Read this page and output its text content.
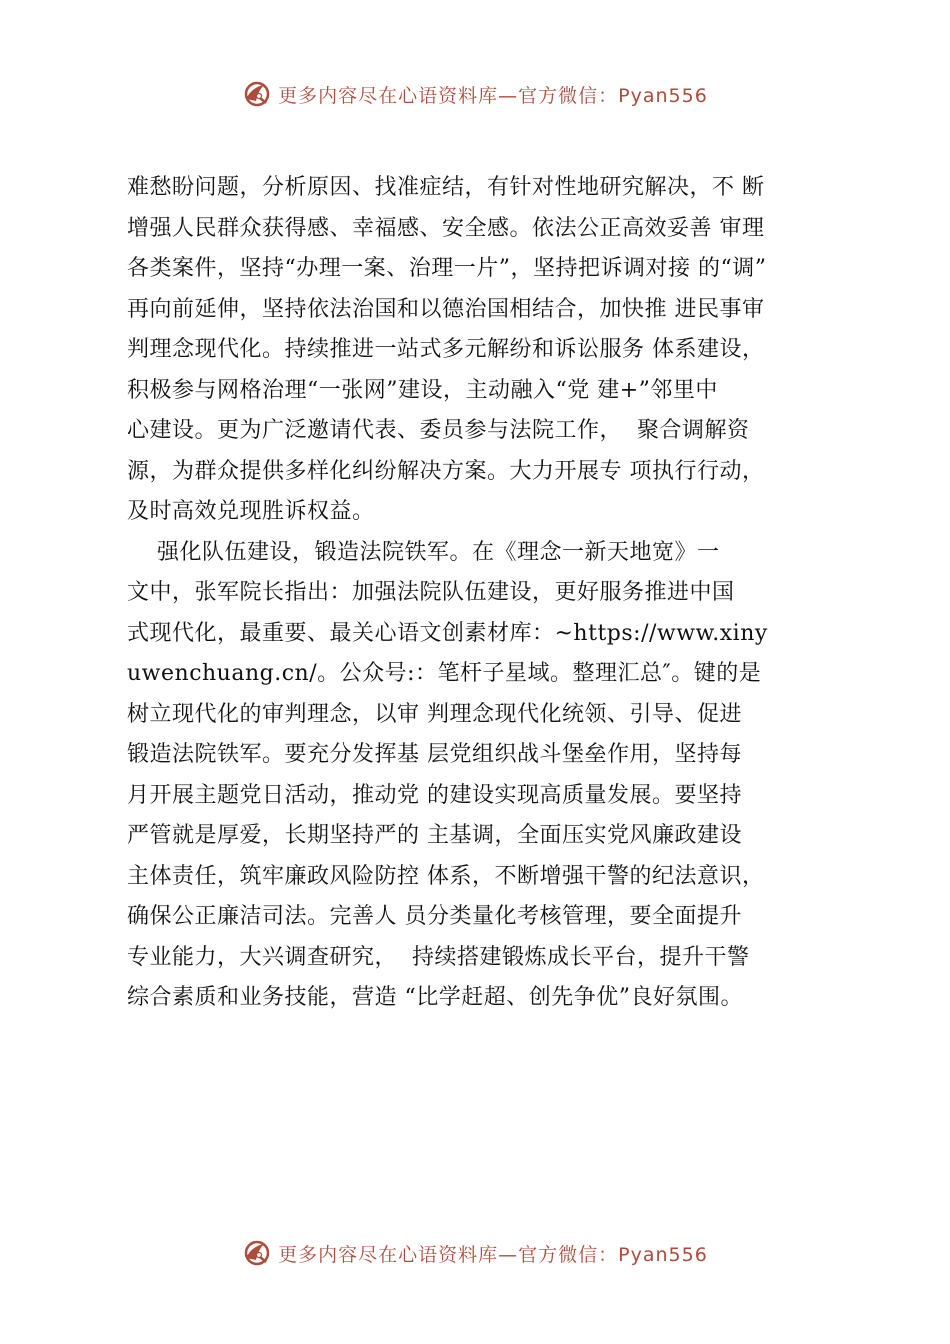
更多内容尽在心语资料库—官方微信：Pyan556
难愁盼问题，分析原因、找准症结，有针对性地研究解决，不 断
增强人民群众获得感、幸福感、安全感。依法公正高效妥善 审理
各类案件，坚持“办理一案、治理一片”，坚持把诉调对接 的“调”
再向前延伸，坚持依法治国和以德治国相结合，加快推 进民事审
判理念现代化。持续推进一站式多元解纷和诉讼服务 体系建设，
积极参与网格治理“一张网”建设，主动融入“党 建+”邻里中
心建设。更为广泛邀请代表、委员参与法院工作，  聚合调解资
源，为群众提供多样化纠纷解决方案。大力开展专 项执行行动，
及时高效兑现胜诉权益。
强化队伍建设，锻造法院铁军。在《理念一新天地宽》一
文中，张军院长指出：加强法院队伍建设，更好服务推进中国
式现代化，最重要、最关心语文创素材库：~https://www.xiny
uwenchuang.cn/。公众号:：笔杆子星域。整理汇总″。键的是
树立现代化的审判理念，以审 判理念现代化统领、引导、促进
锻造法院铁军。要充分发挥基 层党组织战斗堡垒作用，坚持每
月开展主题党日活动，推动党 的建设实现高质量发展。要坚持
严管就是厚爱，长期坚持严的 主基调，全面压实党风廉政建设
主体责任，筑牢廉政风险防控 体系，不断增强干警的纪法意识，
确保公正廉洁司法。完善人 员分类量化考核管理，要全面提升
专业能力，大兴调查研究，  持续搭建锻炼成长平台，提升干警
综合素质和业务技能，营造 “比学赶超、创先争优”良好氛围。
更多内容尽在心语资料库—官方微信：Pyan556
